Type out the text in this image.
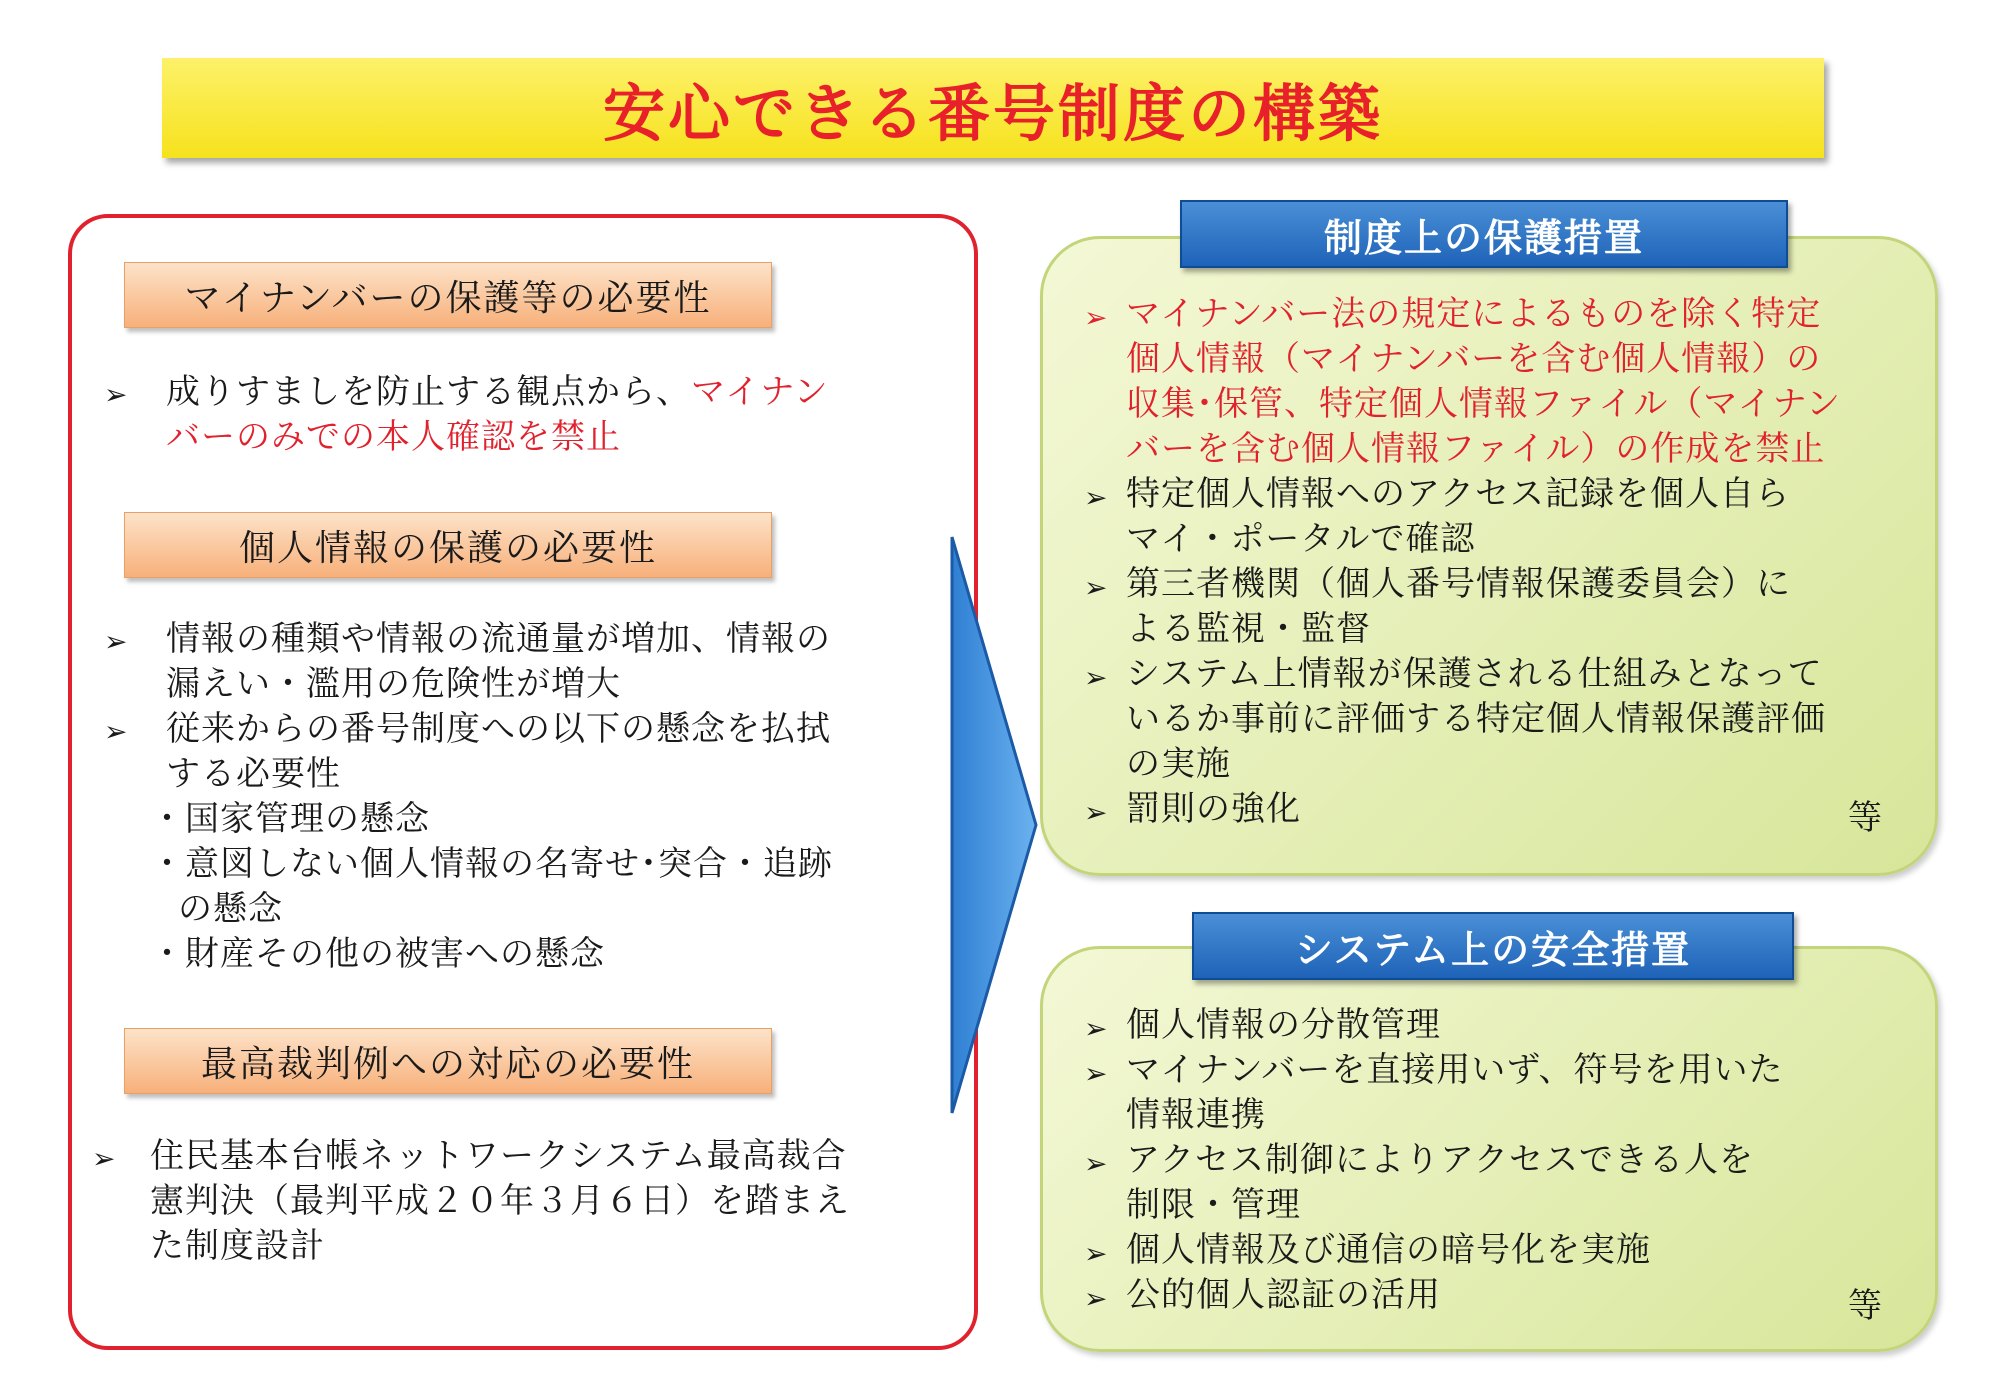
安心できる番号制度の構築
マイナンバーの保護等の必要性
➢ 成りすましを防止する観点から、マイナン
バーのみでの本人確認を禁止
個人情報の保護の必要性
➢ 情報の種類や情報の流通量が増加、情報の
漏えい・濫用の危険性が増大
➢ 従来からの番号制度への以下の懸念を払拭
する必要性
・国家管理の懸念
・意図しない個人情報の名寄せ･突合・追跡
の懸念
・財産その他の被害への懸念
最高裁判例への対応の必要性
➢ 住民基本台帳ネットワークシステム最高裁合
憲判決（最判平成２０年３月６日）を踏まえ
た制度設計
制度上の保護措置
➢ マイナンバー法の規定によるものを除く特定
個人情報（マイナンバーを含む個人情報）の
収集･保管、特定個人情報ファイル（マイナン
バーを含む個人情報ファイル）の作成を禁止
➢ 特定個人情報へのアクセス記録を個人自ら
マイ・ポータルで確認
➢ 第三者機関（個人番号情報保護委員会）に
よる監視・監督
➢ システム上情報が保護される仕組みとなって
いるか事前に評価する特定個人情報保護評価
の実施
➢ 罰則の強化	等
システム上の安全措置
➢ 個人情報の分散管理
➢ マイナンバーを直接用いず、符号を用いた
情報連携
➢ アクセス制御によりアクセスできる人を
制限・管理
➢ 個人情報及び通信の暗号化を実施
➢ 公的個人認証の活用	等
